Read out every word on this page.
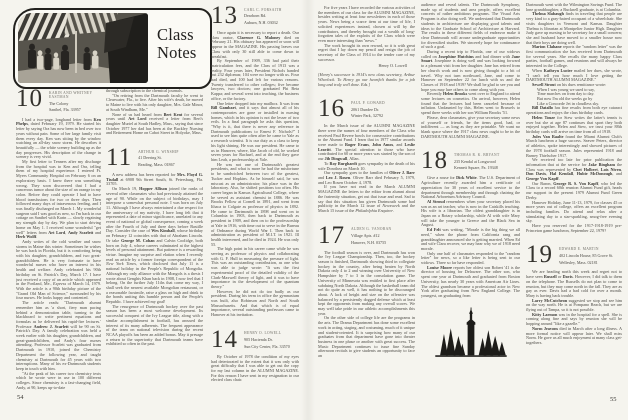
Class
Notes
10 KARIN AND WHITNEY EASTMAN
The Colony
Sanibel, Fla. 33957

I had a two-page, longhand letter from Ken Phelps, dated February 19, 1979. He started his letter by saying Ora has now been in bed over two years without pain. Some of her large family visit them every day. Ken was sitting by the window watching an all-day snow storm. He describes it beautifully — the white scenery building up as the day progresses. His description of the change in scenery is very vivid.

My first letter to Tenners after my discharge from the hospital was to Ken and Ora, telling them of my hospital experience. I entered Ft. Myers Community Hospital on February 6 on an exploratory basis. I knew there was something wrong. They soon discovered that I had a cancerous tumor about the size of an orange in my colon. Before they could operate I had to have blood transfusions for two or three days. Then followed many days of intravenous feeding, and I was finally discharged on March 1. My wonderful surgeon said I was good as new, so I'm back in our cottage on Sanibel with Karin — slowly regaining my strength day by day. We plan to start driving home on May 1. I received some wonderful "get well" letters from Art Lord, Andy Scarlett and Herb Wolff.

Andy writes of the cold weather and snow storms in Maine this winter. Sometimes he wishes he was back in Florida, but it is comforting being with his daughter, grandchildren, and two great-grandchildren. He is very fortunate to have wonderful nurses who have an interest in his health and welfare. Andy celebrated his 90th birthday on St. Patrick's Day, March 17. I have just received a copy of an article which appeared in the Portland, Me., Express of March 14, 1979. With the article is a 90th birthday picture of the "Grand Old Man of Science," surrounded by his four nurses. He looks happy and contented.

The article reads: "Dartmouth alumni remember him as 'a short, fiery man pacing behind a demonstration table, turning to the blackboard to write pertinent equations and formulas as he delivered his rapid-fire lectures.' Professor Andrew J. Scarlett will be 90 on St. Patrick's Day. A family celebration was held a week earlier with his daughter, grandchildren, and great-grandchildren, and Andy's four nurses attending. Professor Scarlett was graduated from Dartmouth in 1910, joined the Chemistry Department the following year, and taught chemistry at Dartmouth for 45 years with two interruptions. Many of his ex-Dartmouth students keep in touch with him.

"At the peak of his career two chemistry texts which he wrote were in use in 100 different colleges. Since chemistry is a fast-changing field, Andy, at 90, keeps up-to-date

through subscription to the chemical journals.

"On retiring from the Dartmouth faculty he went to Clearwater, Fla., to live. After his wife's death, he moved to Maine to live with his only daughter, Mrs. Gale Minor, at South Windham, Me."

None of us had heard from Bert Kent for several years until Art Lord received a letter from Bert's daughter Muriel at South Hadley, Mass., saying that since October 1977 her dad has been at the Buckley Nursing and Retirement Home on Cabot Street in Holyoke, Mass.

11 ARTHUR G. WINSHIP
41 Deering St.
Reading, Mass. 01867

A new address has been reported for Mrs. Floyd G. Tisdall at 6908 9th Street South, St. Petersburg, Fla. 33705.

On March 19, Hopper Allison joined the ranks of several other classmates who had previously attained the age of 90. While on the subject of birthdays, may I interpose a somewhat personal note. I was born on July 11. Although I have always entertained a due respect for the anniversary of my nativity, I have long felt that it represented a date of minor significance, unrelated to any event of national or global consequence, coming a week after the Fourth of July and three days before Bastille Day. Consider the case of Wes Kimball, whose birthday on February 12 coincides with that of Abraham Lincoln. Or take George M. Cohan and Calvin Coolidge, both born on July 4, whose careers culminated at the highest levels of personal attainment. But patience is a rewarding virtue. Imagine my surprise and elation when I recently read an article by a former foreign correspondent of the New York Times, which disclosed that July 11 is a national holiday in the People's Republic of Mongolia. Although my only alliance with the Mongols is a thesis I wrote about Genghis Khan back in 1908, I now feel that I belong. On the further July 11ths that come my way, I shall seek the nearest available Mongolian restaurant, or a reasonable facsimile, raise a glass on high and drink to the bonds uniting this humble person and the People's Republic. I have achieved my goal!

The resurgence of Dartmouth hockey over the past season has been a most welcome development. Its successful conquest of the Ivy League title, along with a similar accomplishment in football, has aroused the interest of its many adherents. The frequent appearance of the team on national television during the recent NCAA playoffs has been an added bonus. May it presage a return to the superiority that Dartmouth teams have exhibited so often in the past.

13 CARL C. FORSAITH
Dearborn Rd.
Auburn, N.H. 03032

Once again it is necessary to report a death. Our class orator, Clarence G. Maloney died on February 21. His obituary has appeared or soon will appear in the MAGAZINE. His passing leaves our Class with only 30 still able to come down to breakfast.

By September of 1909, 336 had paid their matriculation fees, and the Class of 1913 was a reality. Four years later, President Nichols handed out 232 diplomas; 104 were no longer with us. Four had died, and 100 had left for various reasons. Twenty transferred to other colleges; five became lawyers, two doctors; one graduated Phi Beta Kappa; and several went into teaching, the business office, or the factory.

One letter dropped into my mailbox. It was from Bill Gambart, and it says that almost all of his contemporaries are gone or installed in nursing homes, which in his opinion is not the lesser of two evils. In a final paragraph he asks this question, "Why is it, that there is never any reference in Dartmouth publications to Ernest F. Nichols?" I used to see him quite often after he came to Yale as a research scientist. It is our duty as a class to keep his light shining. He was our president. He came to us in Hanover, where, like Jacob of old, he worked seven years for Rachael, and at the end they gave him Leah, a professorship at Yale.

He was not one of Dartmouth's greatest presidents, and what is more he had the misfortune to be sandwiched between two of the greatest, Tucker and Hopkins. As he himself said, he was miscast as an administrator; his place was in the laboratory. Also, he shifted positions too often. His career began in Kansas Agricultural College, where he served as assistant chemist in 1886. He was Brooks Fellow at Cornell in 1891, and went from Ithaca to Colgate as professor of physics in 1892. He came to Dartmouth in 1898 and went on to Columbia in 1903, then back to Dartmouth as president in 1909, and then on to the professorship at Yale in 1916, with time out to serve in the Bureau of Ordnance during World War I. Then back to administration as president of M.I.T. in 1921. Ill health intervened, and he died in 1924. He was only 55.

The high point in his career came while he was serving as professor of physics and collaborating with G. F. Hull in measuring the pressure of light. This was an outstanding contribution, as one who was able to judge wrote: "It was the first experimental proof of the detailed validity of the Clark-Maxwell theory of light, and it was to have importance in the development of the quantum theory."

However, he did not do too badly as our president. During his term in office the gymnasium was built, also Robinson and North and South Massachusetts. And that which is of equal importance, several outstanding professors came to Hanover at his invitation.

14 HENRY O. LOWELL
905 Hacienda Dr.
Sun City Center, Fla. 33570

By October of 1978 the condition of my eyes had deteriorated to the extent that it was only with great difficulty that I was able to get out the copy for my last column in the ALUMNI MAGAZINE. For this reason I have sent in my resignation to our elected class chair.

54

For five years I have recorded the various activities of the members of our class for the ALUMNI MAGAZINE, besides writing at least four newsletters in each of those years. News being a scarce item at our time of life, I solicited experiences instead, chosen at will by the contributors, and thereby brought out a wealth of long-forgotten tales of the exploits of the Class which were even more interesting than "news."

The work brought its own reward, so it is with great regret that I lay down my pencil and resign the job of secretary of the Class of 1914 to the tender care of my successor.

Henry O. Lowell

[Henry's successor is 1914's new class secretary, Arthur Wheelock. To Henry go our heartfelt thanks for a job long and truly well done. Eds.]

16 PAUL P. GOWARD
2061 Dundee Dr.
Winter Park, 32792

In the March issue of the ALUMNI MAGAZINE there were the names of four members of the Class who received Paul Revere bowls for consecutive contributions to the Alumni Fund. I learn that in 1977 similar awards were made to Roger Evans, John Amos, and Leslie Leavitt. The special attention to those who have contributed for 60 or more years was started by the son of our Jib Dingwall, Allan.

To Roy Burghardt goes sympathy in the death of his wife Dorothea on March 10.

Our sympathy goes to the families of Oliver J. Barr and Leo J. Rosen. Oliver Barr died February 5, 1979, and Leo Rosen October 4, 1978.

If you have not read in the March ALUMNI MAGAZINE the letters to the editor from alumni about the fraternity situation, get out that issue and read. Sad to say that this situation has given Dartmouth some bad publicity in the March 12 issue of Newsweek and the March 15 issue of the Philadelphia Enquirer.

17 ALDEN G. VANORAN
Village Apts. #12
Hanover, N.H. 03755

The football season is over, and Dartmouth has won the Ivy League Championship. Then, too, the hockey season is finished, Dartmouth showing third in collegiate hockey in the country, after being beaten by North Dakota only 4 to 2 and winning over University of New Hampshire by 7 to 3 in the consolation game. The University of Minnesota was entitled to first place after subduing North Dakota. Although the basketball team did not do quite as well, it has nothing to be discouraged about. A lack of height and size on the offensive was balanced by a persistently dogged defense which at least kept the opponents from making any overall scores. We may well take pride in our athletic accomplishments this year.

On the other side of college life are the programs in the arts. The Drama Department has done some excellent work in acting, staging, and costuming, much of it unique and student-oriented. It is surprising how many of our graduates from that department have gone into theater business in one phase or another with great success. The Music Department continues to issue fine Sunday afternoon recitals to give students an opportunity to face an

audience and reveal talents. The Dartmouth Symphony, made up of students and area people, offers excellent concerts of rather ambitious programs. The Visual Arts Program is also doing well. We understand that Dartmouth students in architecture are displaying good talents and ideas to the Graduate School of Architecture at Harvard. The results in these different fields of endeavor make it clear Dartmouth will arouse undergraduate opportunities for diversified studies. We sincerely hope for continuance of such a goal.

During a recent trip to Florida, one of our widows called on Josephine Hutchins and had dinner with Jane Smart. Josephine is doing well and was looking forward to a pleasant visit from her daughter. Jane has retired from her church work and is now giving thought to a bit of travel. Why not turn northward, Jane, and come to Hanover on September 22 for lunch with us and the Classes of 1918 and 1919? We shall be glad to see you and hope you may lure others to come along with you.

Recently Helen Brooks went over to England to attend some lectures on cosmetics. On arrival, however, Helen found that the lectures had been canceled because of inflation. Undaunted by this, Helen went to Brussels to spend three weeks with her son William Brooks '51.

Please, dear classmates, give your secretary some news of yourself or friends, be the items good, bad, or indifferent — as long as they are printable. We want no blank space where the 1917 class news ought to be in the DARTMOUTH ALUMNI MAGAZINE.

18 THOMAS R. K. BRYANT
235 Kendal at Longwood
Kennett Square, Pa. 19348

Give a rouse for Dick White. The U.S. Department of Agriculture recently awarded him a certificate of appreciation for 30 years of excellent service to the department through membership and through chairing the National Arboretum Advisory Council.

Al Stroud remembers when your secretary placed his son as an art teacher, who is now in the Catskills teaching. His wife is a librarian. The oldest granddaughter is in Japan on a Rotary scholarship, while Al with wife Mary will take the younger to Greece and the Black Sea in August.

Ed Felt was writing, "Morale is the big thing we all need," when the phone from California rang and granddaughter announced she is getting married. When Ed and wife Clara recover, we may hear why we of 1918 need morale.

Only one half of classmates responded to the "random letter" for news, so a like letter is being sent to our widows. Three so far have responded.

Louise Moore reports her oldest son Robert '41 is the director of housing for Delaware. The other son, who spent one year at Dartmouth and graduated from Boston University, has nearly 30 years with American Air Lines. The oldest grandson became a professional actor in New York after graduating from New England College. The youngest, on graduating from

Dartmouth went with the Wilmington Savings Fund. The lone granddaughter, a Bucknell graduate, is at Columbia.

Thelma Slabaugh finds in traveling that people are very kind to a gray-haired occupant of a wheelchair. She visits daughters in Vermont and Kansas. Daughter Thelma is librarian at Montpelier Junior High. Daughter Judy gave up nursing to be secretary for a small concern; she and husband have moved to a smaller house now that their boys are doing well.

Marion Clahane reports the "random letter" was the first communication she has received from Dartmouth for several years. She recalls the many happy Class parties, football games, and reunions and will always be interested in the College.

When Kathryn Lucier mailed her dues, she wrote, "I can't tell you how much I love getting the DARTMOUTH ALUMNI MAGAZINE."

Sewell Strout on his dues remittance wrote:

When I was young we used to say,
Time marches on from day to day.
But now I'm old the weeks go by
Like a Concorde Jet in cloudless sky.

Bill Datallo has fine results from both eye cataract operations and enjoys the class birthday cards.

Helen Touze for Stew writes the latter's tennis is over but she at age 87 continues that sport they both enjoyed together. Helen and Stew, we trust your 88th birthday cards will arrive on time from all of 1918.

Jules Van Raalte found the Miami Alumni Club's March luncheon a huge success. Seaver Peters, director of athletics, spoke interestingly and showed pictures of the 1978 football season. Jules represented 1918 and Barney Thielscher 1917.

We received too late for prior publication the information that at the service for Jake Bingham the Class was represented by Chet Holbert, Lois Niven, Don Davis, Hal Kendall, Hubie McDonough, and George Von Kapff.

Our Baron, George R. S. Von Kapff, who led the Class to a record 60th reunion Alumni Fund gift, heads our support in the present 1979 Alumni Fund Green Derby.

Hanover Holiday, June 11-13, 1979, for classes 45 or more years out of college, offers an excellent program including families. Do attend and relax after a stimulating day to a star-sparkling, smog-free evening sky.

Have you reserved for the 1917-1918-1919 pre-Princeton game luncheon, September 22, 1979?

19 EDWARD E. MARTIN
402 Lincoln House, 85 Grove St.
Wellesley, Mass. 02181

We are heading north this week and regret not to have seen Russell or Davis. However, I did talk to them on the telephone. The Russells do not plan to come to reunion, but they may come north in the fall. They are as gay as ever. Davis had a bad cold for over a month. Mary is having back trouble.

Larry McCutcheon suggested we stop and see him on the way north. He is at Pompano Beach, but we are flying out of Tampa, so it is not possible.

Kitty Larmon was in the hospital for a spell. She is coming along fine and says by reunion she will be hopping around "like a gazelle."

Norm Jeavons died in March after a long illness. A more formal notice will appear later. We shall miss Norm. He gave us all much enjoyment at many class get-togethers.

55
